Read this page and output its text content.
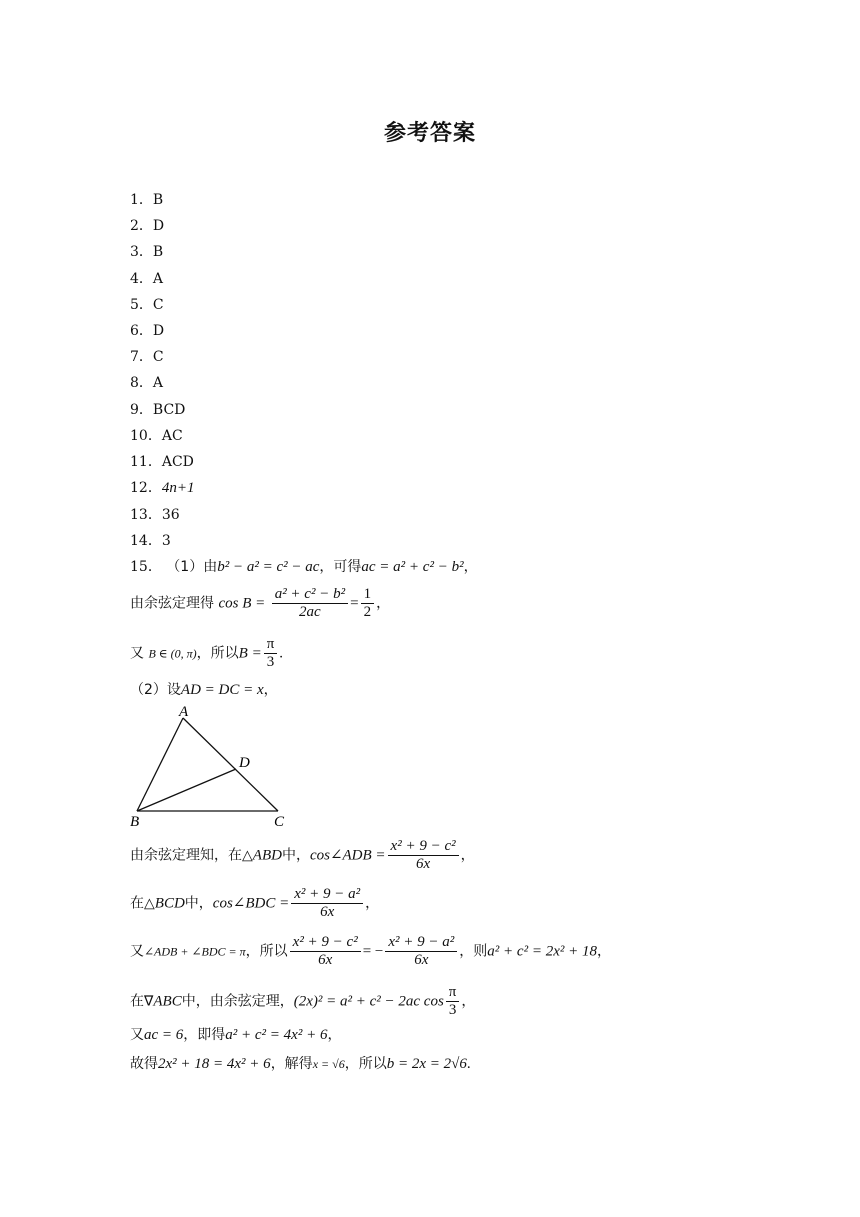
参考答案
1．B
2．D
3．B
4．A
5．C
6．D
7．C
8．A
9．BCD
10．AC
11．ACD
12．4n+1
13．36
14．3
15． （1）由b² − a² = c² − ac，可得ac = a² + c² − b²，
由余弦定理得 $\cos B = \frac{\text{a² + c² − b²}}{2ac} = \frac{1}{2}$ ，
又 B ∈ (0, π)，所以$B = \frac{\pi}{3}$ .
（2）设AD = DC = x，
A
D
B	C
由余弦定理知，在△ABD中，cos∠ADB = $\frac{\text{x² + 9 − c²}}{6x}$ ，
在△BCD中，cos∠BDC = $\frac{\text{x² + 9 − a²}}{6x}$ ，
又∠ADB + ∠BDC = π，所以 $\frac{\text{x² + 9 − c²}}{6x}$ = − $\frac{\text{x² + 9 − a²}}{6x}$ ，则a² + c² = 2x² + 18，
在∇ABC中，由余弦定理，(2x)² = a² + c² − 2ac $\cos \frac{\pi}{3}$ ，
又ac = 6，即得a² + c² = 4x² + 6，
故得2x² + 18 = 4x² + 6，解得x = √6，所以b = 2x = 2√6.
